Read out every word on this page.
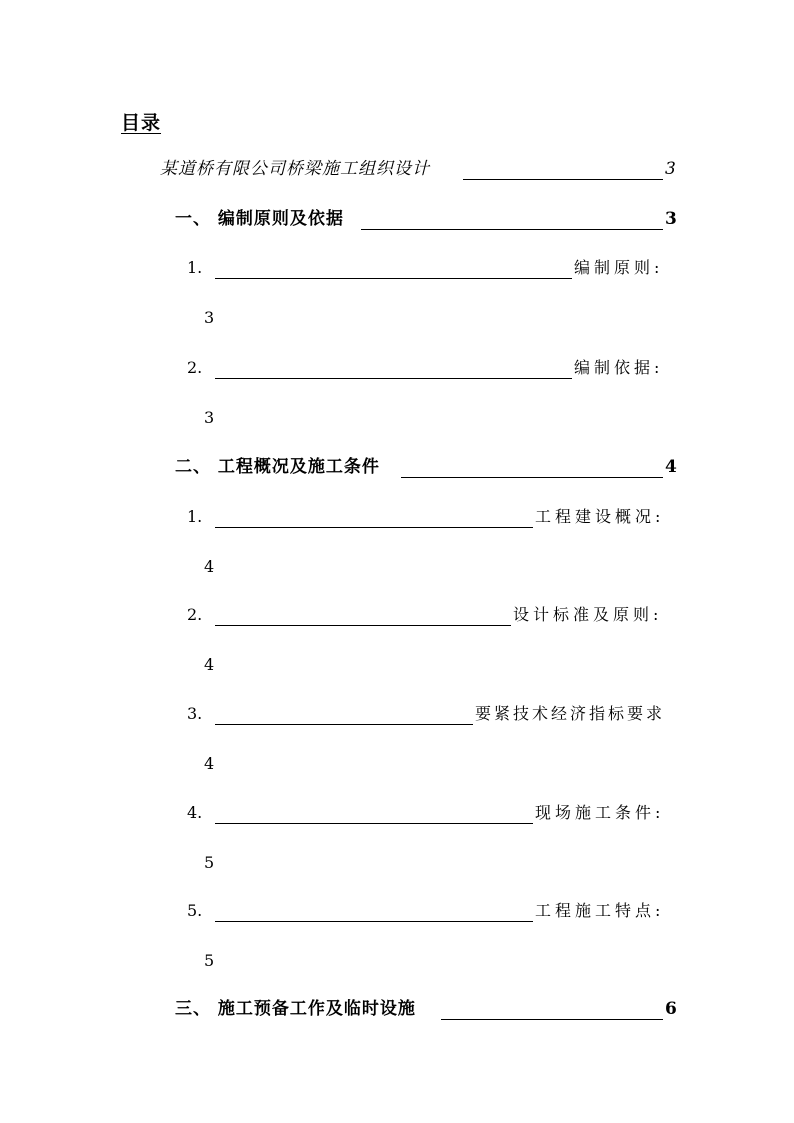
目录
某道桥有限公司桥梁施工组织设计	3
一、 编制原则及依据	3
1.	编制原则:
3
2.	编制依据:
3
二、 工程概况及施工条件	4
1.	工程建设概况:
4
2.	设计标准及原则:
4
3.	要紧技术经济指标要求
4
4.	现场施工条件:
5
5.	工程施工特点:
5
三、 施工预备工作及临时设施	6
